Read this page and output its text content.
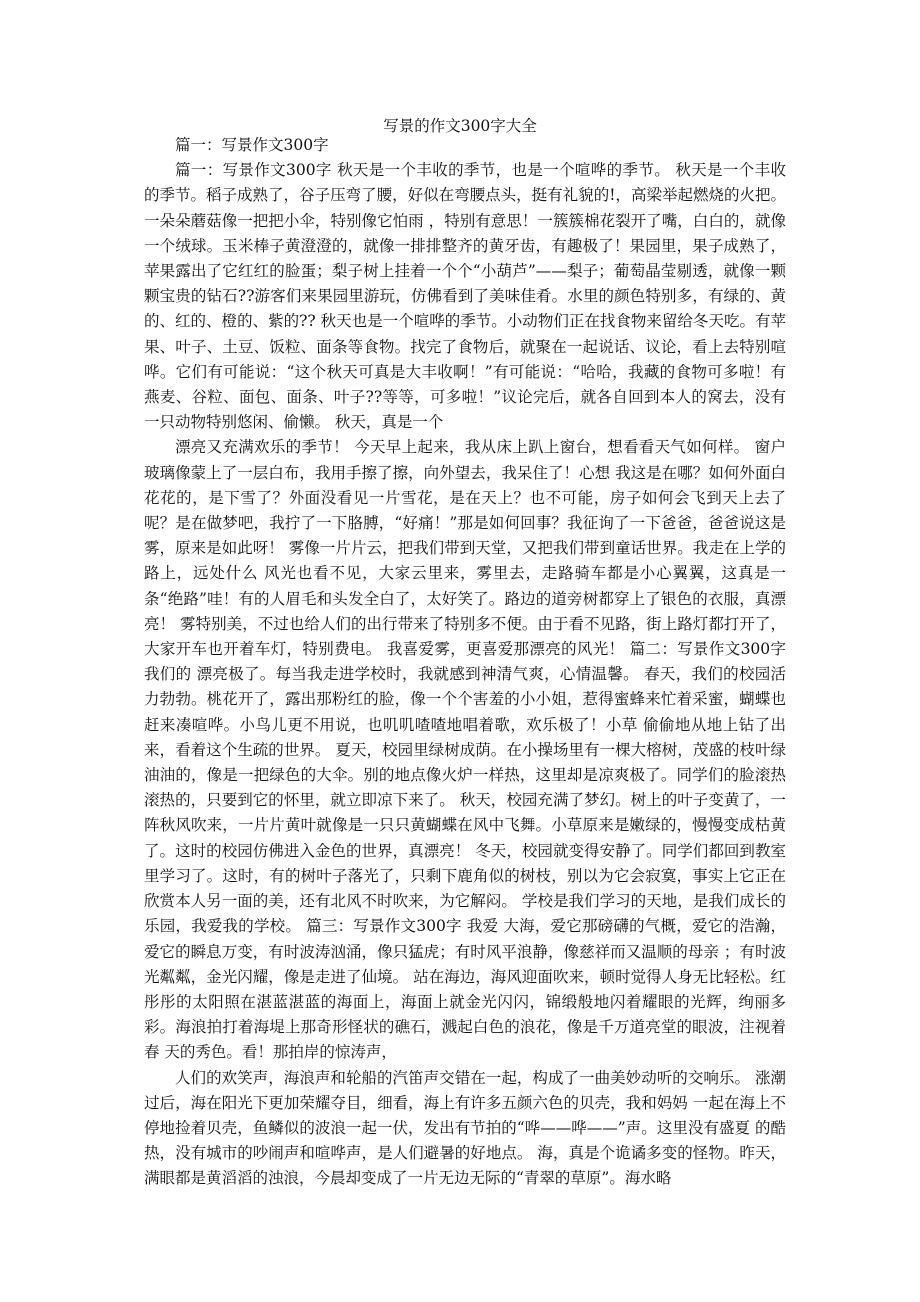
写景的作文300字大全

篇一：写景作文300字

篇一：写景作文300字 秋天是一个丰收的季节，也是一个喧哗的季节。 秋天是一个丰收的季节。稻子成熟了，谷子压弯了腰，好似在弯腰点头，挺有礼貌的!，高梁举起燃烧的火把。一朵朵蘑菇像一把把小伞，特别像它怕雨 ，特别有意思！一簇簇棉花裂开了嘴，白白的，就像一个绒球。玉米棒子黄澄澄的，就像一排排整齐的黄牙齿，有趣极了！果园里，果子成熟了，苹果露出了它红红的脸蛋；梨子树上挂着一个个“小葫芦”——梨子；葡萄晶莹剔透，就像一颗颗宝贵的钻石??游客们来果园里游玩，仿佛看到了美味佳肴。水里的颜色特别多，有绿的、黄的、红的、橙的、紫的?? 秋天也是一个喧哗的季节。小动物们正在找食物来留给冬天吃。有苹果、叶子、土豆、饭粒、面条等食物。找完了食物后，就聚在一起说话、议论，看上去特别喧哗。它们有可能说：“这个秋天可真是大丰收啊！”有可能说：“哈哈，我藏的食物可多啦！有燕麦、谷粒、面包、面条、叶子??等等，可多啦！”议论完后，就各自回到本人的窝去，没有一只动物特别悠闲、偷懒。 秋天，真是一个

漂亮又充满欢乐的季节！ 今天早上起来，我从床上趴上窗台，想看看天气如何样。 窗户玻璃像蒙上了一层白布，我用手擦了擦，向外望去，我呆住了！心想 我这是在哪？如何外面白花花的，是下雪了？外面没看见一片雪花，是在天上？也不可能，房子如何会飞到天上去了呢？是在做梦吧，我拧了一下胳膊，“好痛！”那是如何回事？我征询了一下爸爸，爸爸说这是雾，原来是如此呀！ 雾像一片片云，把我们带到天堂，又把我们带到童话世界。我走在上学的路上，远处什么 风光也看不见，大家云里来，雾里去，走路骑车都是小心翼翼，这真是一条“绝路”哇！有的人眉毛和头发全白了，太好笑了。路边的道旁树都穿上了银色的衣服，真漂亮！ 雾特别美，不过也给人们的出行带来了特别多不便。由于看不见路，街上路灯都打开了，大家开车也开着车灯，特别费电。 我喜爱雾，更喜爱那漂亮的风光！ 篇二：写景作文300字 我们的 漂亮极了。每当我走进学校时，我就感到神清气爽，心情温馨。 春天，我们的校园活力勃勃。桃花开了，露出那粉红的脸，像一个个害羞的小小姐，惹得蜜蜂来忙着采蜜，蝴蝶也赶来凑喧哗。小鸟儿更不用说，也叽叽喳喳地唱着歌，欢乐极了！小草 偷偷地从地上钻了出来，看着这个生疏的世界。 夏天，校园里绿树成荫。在小操场里有一棵大榕树，茂盛的枝叶绿油油的，像是一把绿色的大伞。别的地点像火炉一样热，这里却是凉爽极了。同学们的脸滚热滚热的，只要到它的怀里，就立即凉下来了。 秋天，校园充满了梦幻。树上的叶子变黄了，一阵秋风吹来，一片片黄叶就像是一只只黄蝴蝶在风中飞舞。小草原来是嫩绿的，慢慢变成枯黄了。这时的校园仿佛进入金色的世界，真漂亮！ 冬天，校园就变得安静了。同学们都回到教室 里学习了。这时，有的树叶子落光了，只剩下鹿角似的树枝，别以为它会寂寞，事实上它正在欣赏本人另一面的美，还有北风不时吹来，为它解闷。 学校是我们学习的天地，是我们成长的乐园，我爱我的学校。 篇三：写景作文300字 我爱 大海，爱它那磅礴的气概，爱它的浩瀚，爱它的瞬息万变，有时波涛汹涌，像只猛虎；有时风平浪静，像慈祥而又温顺的母亲 ；有时波光粼粼，金光闪耀，像是走进了仙境。 站在海边，海风迎面吹来，顿时觉得人身无比轻松。红彤彤的太阳照在湛蓝湛蓝的海面上，海面上就金光闪闪，锦缎般地闪着耀眼的光辉，绚丽多彩。海浪拍打着海堤上那奇形怪状的礁石，溅起白色的浪花，像是千万道亮堂的眼波，注视着春 天的秀色。看！那拍岸的惊涛声，

人们的欢笑声，海浪声和轮船的汽笛声交错在一起，构成了一曲美妙动听的交响乐。 涨潮过后，海在阳光下更加荣耀夺目，细看，海上有许多五颜六色的贝壳，我和妈妈 一起在海上不停地捡着贝壳，鱼鳞似的波浪一起一伏，发出有节拍的“哗——哗——”声。这里没有盛夏 的酷热，没有城市的吵闹声和喧哗声，是人们避暑的好地点。 海，真是个诡谲多变的怪物。昨天，满眼都是黄滔滔的浊浪，今晨却变成了一片无边无际的“青翠的草原”。海水略
